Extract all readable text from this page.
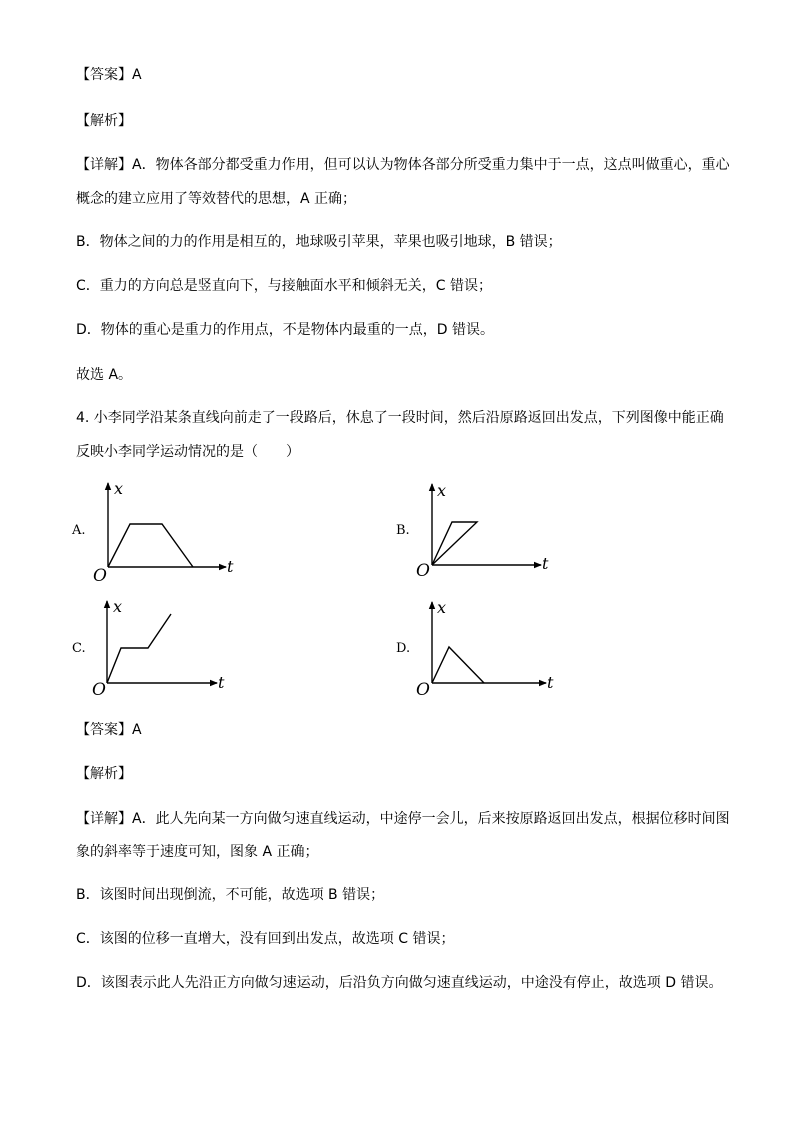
【答案】A
【解析】
【详解】A．物体各部分都受重力作用，但可以认为物体各部分所受重力集中于一点，这点叫做重心，重心
概念的建立应用了等效替代的思想，A 正确；
B．物体之间的力的作用是相互的，地球吸引苹果，苹果也吸引地球，B 错误；
C．重力的方向总是竖直向下，与接触面水平和倾斜无关，C 错误；
D．物体的重心是重力的作用点，不是物体内最重的一点，D 错误。
故选 A。
4. 小李同学沿某条直线向前走了一段路后，休息了一段时间，然后沿原路返回出发点，下列图像中能正确
反映小李同学运动情况的是（　　）
A.	B.
C.	D.
x
t
O
x
t
O
x
t
O
x
t
O
【答案】A
【解析】
【详解】A．此人先向某一方向做匀速直线运动，中途停一会儿，后来按原路返回出发点，根据位移时间图
象的斜率等于速度可知，图象 A 正确；
B．该图时间出现倒流，不可能，故选项 B 错误；
C．该图的位移一直增大，没有回到出发点，故选项 C 错误；
D．该图表示此人先沿正方向做匀速运动，后沿负方向做匀速直线运动，中途没有停止，故选项 D 错误。
